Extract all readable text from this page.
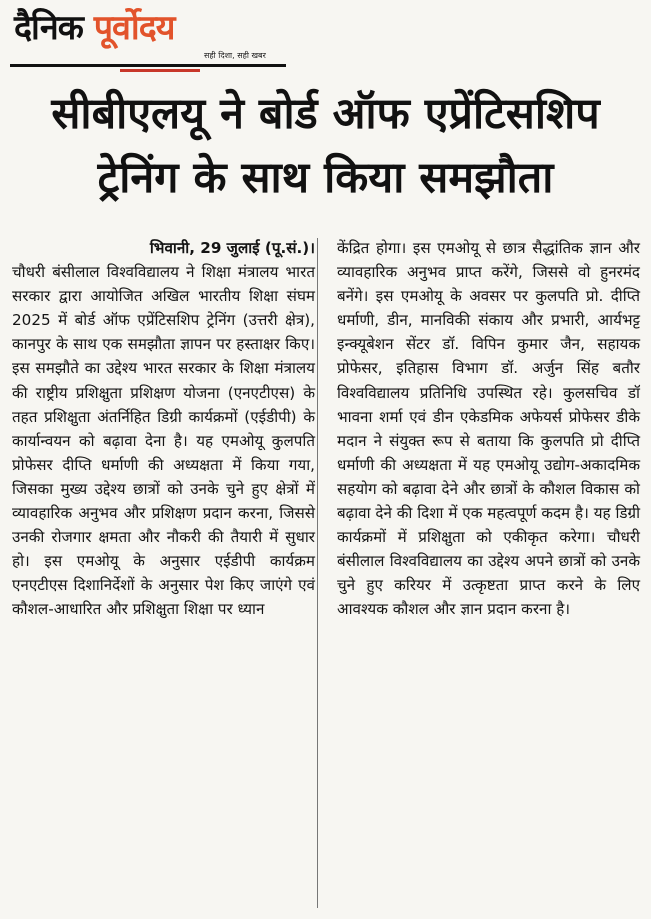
दैनिक पूर्वोदय
सही दिशा, सही खबर
सीबीएलयू ने बोर्ड ऑफ एप्रेंटिसशिप
ट्रेनिंग के साथ किया समझौता
भिवानी, 29 जुलाई (पू.सं.)।
चौधरी बंसीलाल विश्वविद्यालय ने शिक्षा मंत्रालय भारत सरकार द्वारा आयोजित अखिल भारतीय शिक्षा संघम 2025 में बोर्ड ऑफ एप्रेंटिसशिप ट्रेनिंग (उत्तरी क्षेत्र), कानपुर के साथ एक समझौता ज्ञापन पर हस्ताक्षर किए। इस समझौते का उद्देश्य भारत सरकार के शिक्षा मंत्रालय की राष्ट्रीय प्रशिक्षुता प्रशिक्षण योजना (एनएटीएस) के तहत प्रशिक्षुता अंतर्निहित डिग्री कार्यक्रमों (एईडीपी) के कार्यान्वयन को बढ़ावा देना है। यह एमओयू कुलपति प्रोफेसर दीप्ति धर्माणी की अध्यक्षता में किया गया, जिसका मुख्य उद्देश्य छात्रों को उनके चुने हुए क्षेत्रों में व्यावहारिक अनुभव और प्रशिक्षण प्रदान करना, जिससे उनकी रोजगार क्षमता और नौकरी की तैयारी में सुधार हो। इस एमओयू के अनुसार एईडीपी कार्यक्रम एनएटीएस दिशानिर्देशों के अनुसार पेश किए जाएंगे एवं कौशल-आधारित और प्रशिक्षुता शिक्षा पर ध्यान
केंद्रित होगा। इस एमओयू से छात्र सैद्धांतिक ज्ञान और व्यावहारिक अनुभव प्राप्त करेंगे, जिससे वो हुनरमंद बनेंगे। इस एमओयू के अवसर पर कुलपति प्रो. दीप्ति धर्माणी, डीन, मानविकी संकाय और प्रभारी, आर्यभट्ट इन्क्यूबेशन सेंटर डॉ. विपिन कुमार जैन, सहायक प्रोफेसर, इतिहास विभाग डॉ. अर्जुन सिंह बतौर विश्वविद्यालय प्रतिनिधि उपस्थित रहे। कुलसचिव डॉ भावना शर्मा एवं डीन एकेडमिक अफेयर्स प्रोफेसर डीके मदान ने संयुक्त रूप से बताया कि कुलपति प्रो दीप्ति धर्माणी की अध्यक्षता में यह एमओयू उद्योग-अकादमिक सहयोग को बढ़ावा देने और छात्रों के कौशल विकास को बढ़ावा देने की दिशा में एक महत्वपूर्ण कदम है। यह डिग्री कार्यक्रमों में प्रशिक्षुता को एकीकृत करेगा। चौधरी बंसीलाल विश्वविद्यालय का उद्देश्य अपने छात्रों को उनके चुने हुए करियर में उत्कृष्टता प्राप्त करने के लिए आवश्यक कौशल और ज्ञान प्रदान करना है।
